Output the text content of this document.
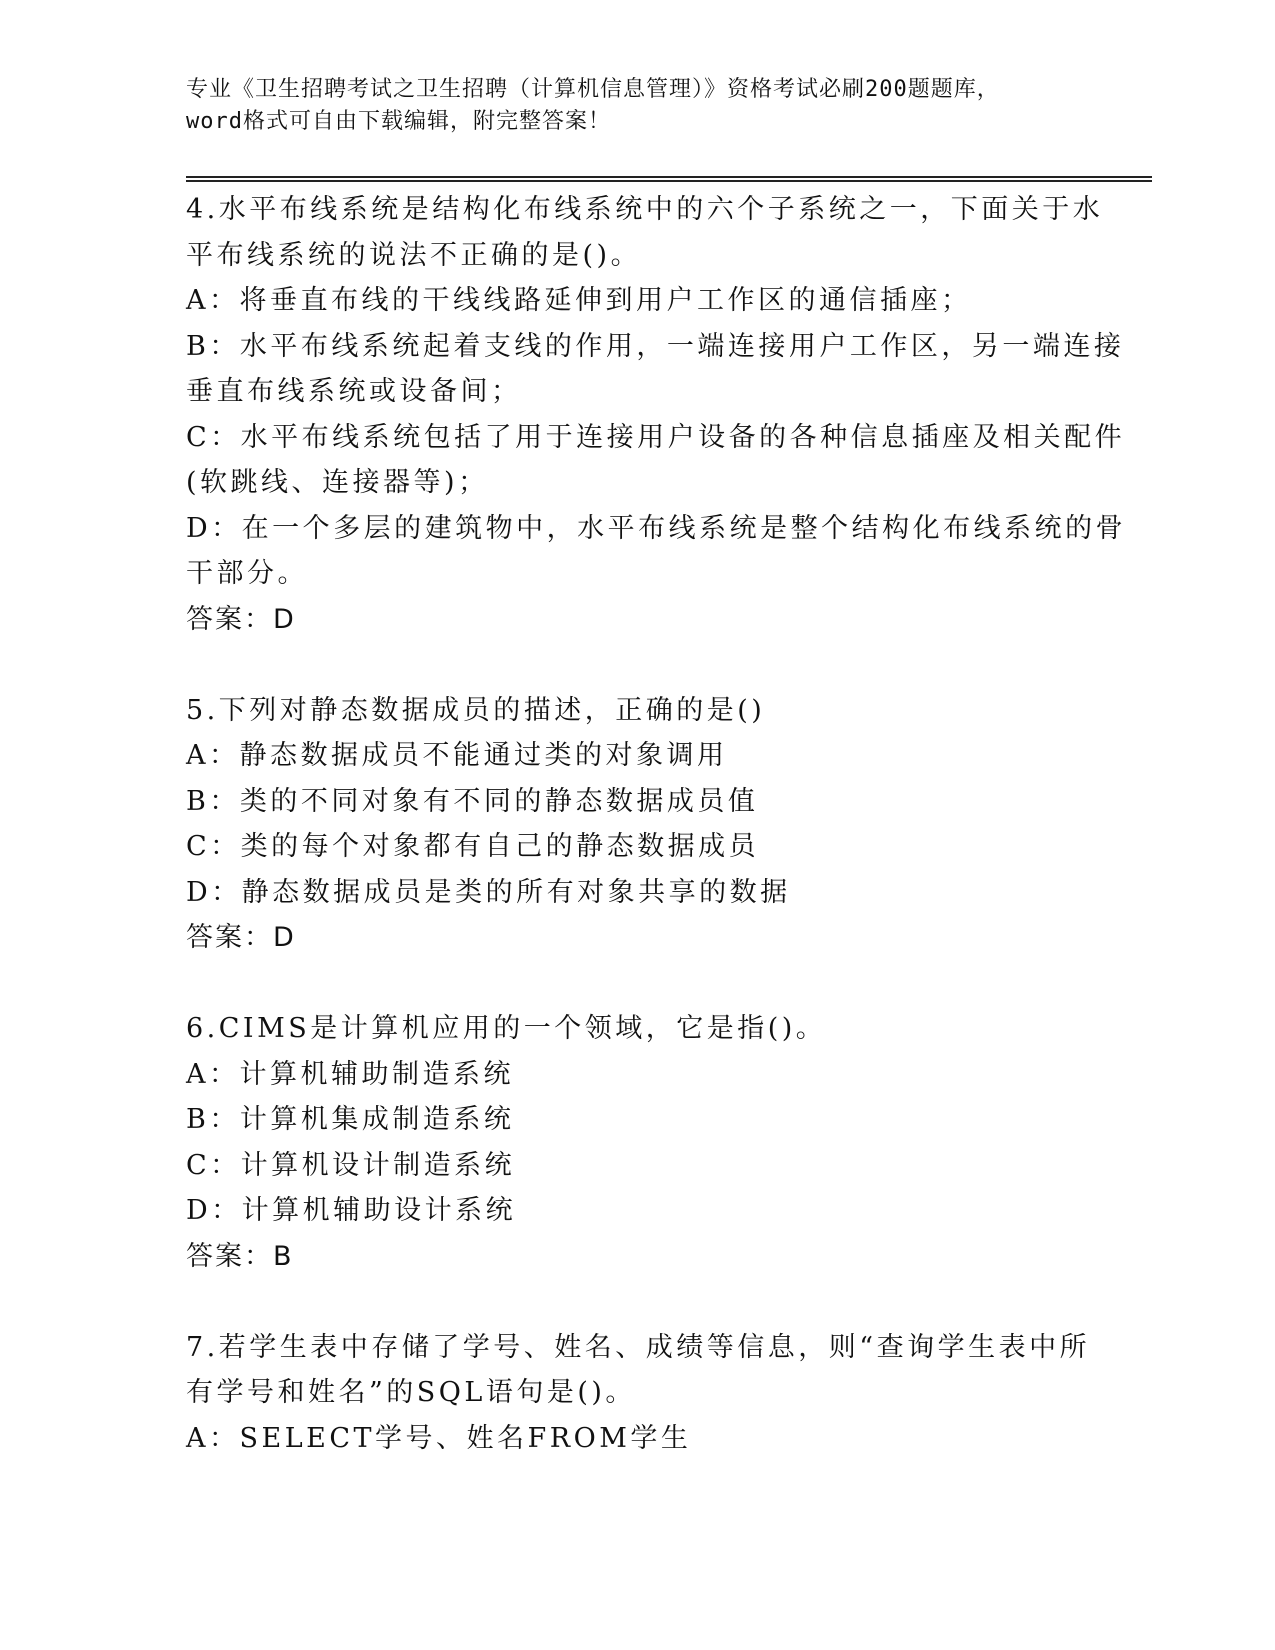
专业《卫生招聘考试之卫生招聘（计算机信息管理）》资格考试必刷200题题库，
word格式可自由下载编辑，附完整答案！
4.水平布线系统是结构化布线系统中的六个子系统之一，下面关于水
平布线系统的说法不正确的是()。
A：将垂直布线的干线线路延伸到用户工作区的通信插座；
B：水平布线系统起着支线的作用，一端连接用户工作区，另一端连接
垂直布线系统或设备间；
C：水平布线系统包括了用于连接用户设备的各种信息插座及相关配件
(软跳线、连接器等)；
D：在一个多层的建筑物中，水平布线系统是整个结构化布线系统的骨
干部分。
答案：D
5.下列对静态数据成员的描述，正确的是()
A：静态数据成员不能通过类的对象调用
B：类的不同对象有不同的静态数据成员值
C：类的每个对象都有自己的静态数据成员
D：静态数据成员是类的所有对象共享的数据
答案：D
6.CIMS是计算机应用的一个领域，它是指()。
A：计算机辅助制造系统
B：计算机集成制造系统
C：计算机设计制造系统
D：计算机辅助设计系统
答案：B
7.若学生表中存储了学号、姓名、成绩等信息，则“查询学生表中所
有学号和姓名”的SQL语句是()。
A：SELECT学号、姓名FROM学生
